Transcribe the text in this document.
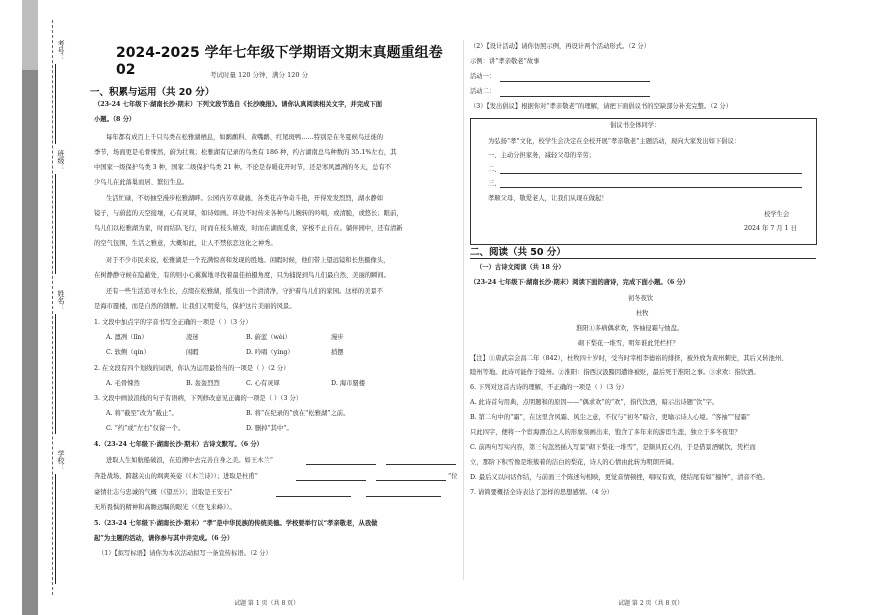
考号：
班级：
姓名：
学校：
2024-2025 学年七年级下学期语文期末真题重组卷 02	考试时量 120 分钟，满分 120 分
一、积累与运用（共 20 分）
（23-24 七年级下·湖南长沙·期末）下列文段节选自《长沙晚报》。请你认真阅读相关文字，并完成下面
小题。（8 分）
每年都有成百上千只鸟类在松雅湖栖息，如鹬鹬科、黄嘴鹬、红尾斑鸭……特别是在冬夏候鸟迁徙的
季节，场面更是毛骨悚然，蔚为壮观；松雅湖有记录的鸟类有 186 种，约占湖南总鸟种数的 35.1%左右，其
中国家一级保护鸟类 3 种，国家二级保护鸟类 21 种。不论是春暖花开时节，还是寒风凛冽的冬天，总有不
少鸟儿在此落巢而居、繁衍生息。
生活忙碌，不妨抽空漫步松雅湖畔。公园内芳草葳蕤，各类花卉争奇斗艳，开得发发烈烈，湖水静如
镜子，与蔚蓝的天空接壤，心有灵犀，如诗如画。环边不时传来各种鸟儿婉转的吟唱，或清脆，或悠长；眼前，
鸟儿们以松雅湖为家，时而结队飞行，时而在枝头嬉戏，时而在湖面觅食，穿梭不止自在。躺伴园中，还有清新
的空气包围，生活之雅意，大概如此，让人不禁依恋这化之神秀。
对于不少市民来说，松雅湖是一个充满惊喜和发现的胜地。闲暇时候，他们带上望远镜和长焦摄像头，
在树静静守候在隐蔽处，有的则小心翼翼地寻找着最佳拍摄角度，只为捕捉到鸟儿们最自然、美丽的瞬间。
还有一些生活追寻水生长，点缀在松雅湖，摇曳出一个清清净，守护着鸟儿们的家园。这样的美景不
是海市蜃楼，而是自然的馈赠。让我们又明爱鸟，保护这片美丽的风景。
1. 文段中加点字的字音书写全正确的一项是（ ）（3 分）
A. 凛冽（lǐn）	凌迷	B. 蔚蓝（wèi）	漫步
C. 软侧（qín）	闲暇	D. 吟唱（yíng）	捎摆
2. 在文段有四个划线的词语，你认为运用最恰当的一项是（ ）（2 分）
A. 毛骨悚然	B. 轰轰烈烈	C. 心有灵犀	D. 海市蜃楼
3. 文段中画波浪线的句子有语病，下列修改意见正确的一项是（ ）（3 分）
A. 将“截至”改为“截止”。	B. 将“在纪录的”放在“松雅湖”之前。
C. “约”或“左右”仅留一个。	D. 删掉“其中”。
4.（23-24 七年级下·湖南长沙·期末）古诗文默写。（6 分）
进取人生如航船破浪，在追溯中去完善自身之美。如王木兰“
奔赴战场、跨越关山的飒爽英姿（《木兰诗》）；进取是杜甫“	”位
豪情壮志与忠诚的气概（《望岳》）；进取是王安石“
无所畏惧的精神和高瞻远瞩的眼光（《登飞来峰》）。
5.（23-24 七年级下·湖南长沙·期末）“孝”是中华民族的传统美德。学校要举行以“孝亲敬老，从我做
起”为主题的活动，请你参与其中并完成。（6 分）
（1）【拟写标语】请你为本次活动拟写一条宣传标语。（2 分）
试题 第 1 页（共 8 页）
（2）【设计活动】请你仿照示例，再设计两个活动形式。（2 分）
示例：讲“孝亲敬老”故事
活动一：
活动二：
（3）【发出倡议】根据你对“孝亲敬老”的理解，请把下面倡议书的空缺部分补充完整。（2 分）
倡议书全体同学：
为弘扬“孝”文化，校学生会决定在全校开展“孝亲敬老”主题活动，现向大家发出如下倡议：
一、主动分担家务，减轻父母的辛劳；
二、
三、
孝顺父母，敬爱老人，让我们从现在做起！
校学生会
2024 年 7 月 1 日
二、阅读（共 50 分）
（一）古诗文阅读（共 18 分）
（23-24 七年级下·湖南长沙·期末）阅读下面的唐诗，完成下面小题。（6 分）
初冬夜饮
杜牧
淮阳①多病偶求欢，客袖侵霜与烛盘。
砌下梨花一堆雪，明年谁此凭栏杆？
【注】①唐武宗会昌二年（842），杜牧四十岁时，受当时宰相李德裕的排挤，被外放为黄州刺史，其后又转池州、
睦州等地。此诗可能作于睦州。②淮阳：指西汉汲黯因遭谗被贬，最后死于淮阳之事。③求欢：指饮酒。
6. 下列对这首古诗的理解，不正确的一项是（ ）（3 分）
A. 此诗首句用典，点明题和的原因——“偶求欢”的“欢”，指代饮酒，暗示出诗题“饮”字。
B. 第二句中的“霜”，在这里含风霜、风尘之意，不仅与“初冬”暗合，更喻示诗人心境。“客袖”“侵霜”
只此四字，便将一个宦海漂泊之人的形象刻画出来，饱含了多年来的游宦生涯，独立于多冬夜里？
C. 前两句写实内容，第三句忽然插入写景“砌下梨花一堆雪”，是颇具匠心的，于是借景酒赋饮，凭栏而
立，那阶下积雪像是堆簇着的洁白的梨花，诗人的心情由此转为明朗开阔。
D. 最后又以问话作结，与前面三个陈述句相映，更觉音情顿挫，唱叹有致，使结尾有如“撞钟”，清音不绝。
7. 请简要概括全诗表达了怎样的思想感情。（4 分）
试题 第 2 页（共 8 页）
